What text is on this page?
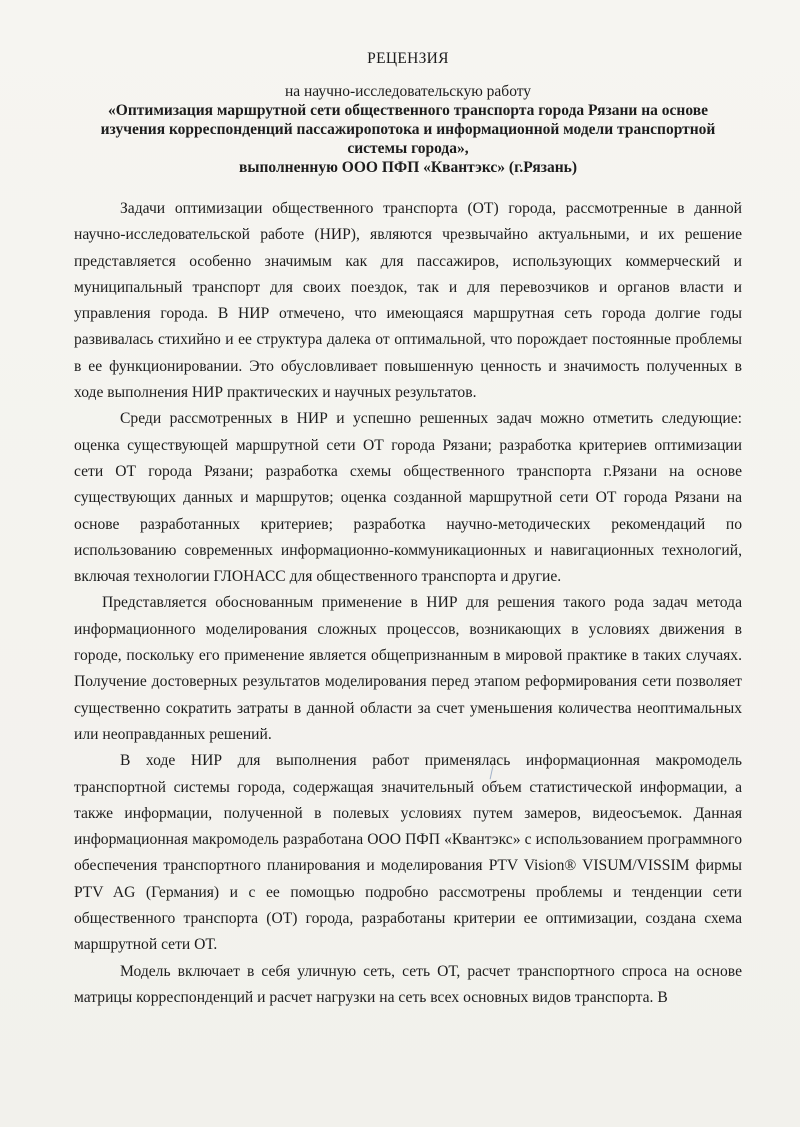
РЕЦЕНЗИЯ

на научно-исследовательскую работу

«Оптимизация маршрутной сети общественного транспорта города Рязани на основе изучения корреспонденций пассажиропотока и информационной модели транспортной системы города»,

выполненную ООО ПФП «Квантэкс» (г.Рязань)

Задачи оптимизации общественного транспорта (ОТ) города, рассмотренные в данной научно-исследовательской работе (НИР), являются чрезвычайно актуальными, и их решение представляется особенно значимым как для пассажиров, использующих коммерческий и муниципальный транспорт для своих поездок, так и для перевозчиков и органов власти и управления города. В НИР отмечено, что имеющаяся маршрутная сеть города долгие годы развивалась стихийно и ее структура далека от оптимальной, что порождает постоянные проблемы в ее функционировании. Это обусловливает повышенную ценность и значимость полученных в ходе выполнения НИР практических и научных результатов.

Среди рассмотренных в НИР и успешно решенных задач можно отметить следующие: оценка существующей маршрутной сети ОТ города Рязани; разработка критериев оптимизации сети ОТ города Рязани; разработка схемы общественного транспорта г.Рязани на основе существующих данных и маршрутов; оценка созданной маршрутной сети ОТ города Рязани на основе разработанных критериев; разработка научно-методических рекомендаций по использованию современных информационно-коммуникационных и навигационных технологий, включая технологии ГЛОНАСС для общественного транспорта и другие.

Представляется обоснованным применение в НИР для решения такого рода задач метода информационного моделирования сложных процессов, возникающих в условиях движения в городе, поскольку его применение является общепризнанным в мировой практике в таких случаях. Получение достоверных результатов моделирования перед этапом реформирования сети позволяет существенно сократить затраты в данной области за счет уменьшения количества неоптимальных или неоправданных решений.

В ходе НИР для выполнения работ применялась информационная макромодель транспортной системы города, содержащая значительный объем статистической информации, а также информации, полученной в полевых условиях путем замеров, видеосъемок. Данная информационная макромодель разработана ООО ПФП «Квантэкс» с использованием программного обеспечения транспортного планирования и моделирования PTV Vision® VISUM/VISSIM фирмы PTV AG (Германия) и с ее помощью подробно рассмотрены проблемы и тенденции сети общественного транспорта (ОТ) города, разработаны критерии ее оптимизации, создана схема маршрутной сети ОТ.

Модель включает в себя уличную сеть, сеть ОТ, расчет транспортного спроса на основе матрицы корреспонденций и расчет нагрузки на сеть всех основных видов транспорта. В
